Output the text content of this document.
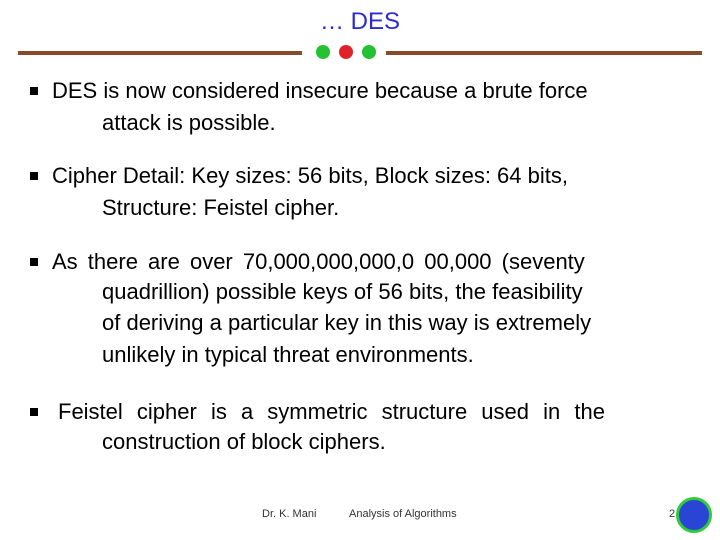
… DES
DES is now considered insecure because a brute force
attack is possible.
Cipher Detail: Key sizes: 56 bits, Block sizes: 64 bits,
Structure: Feistel cipher.
As there are over 70,000,000,000,0 00,000 (seventy
quadrillion) possible keys of 56 bits, the feasibility
of deriving a particular key in this way is extremely
unlikely in typical threat environments.
Feistel cipher is a symmetric structure used in the
construction of block ciphers.
Dr. K. Mani	Analysis of Algorithms	2
